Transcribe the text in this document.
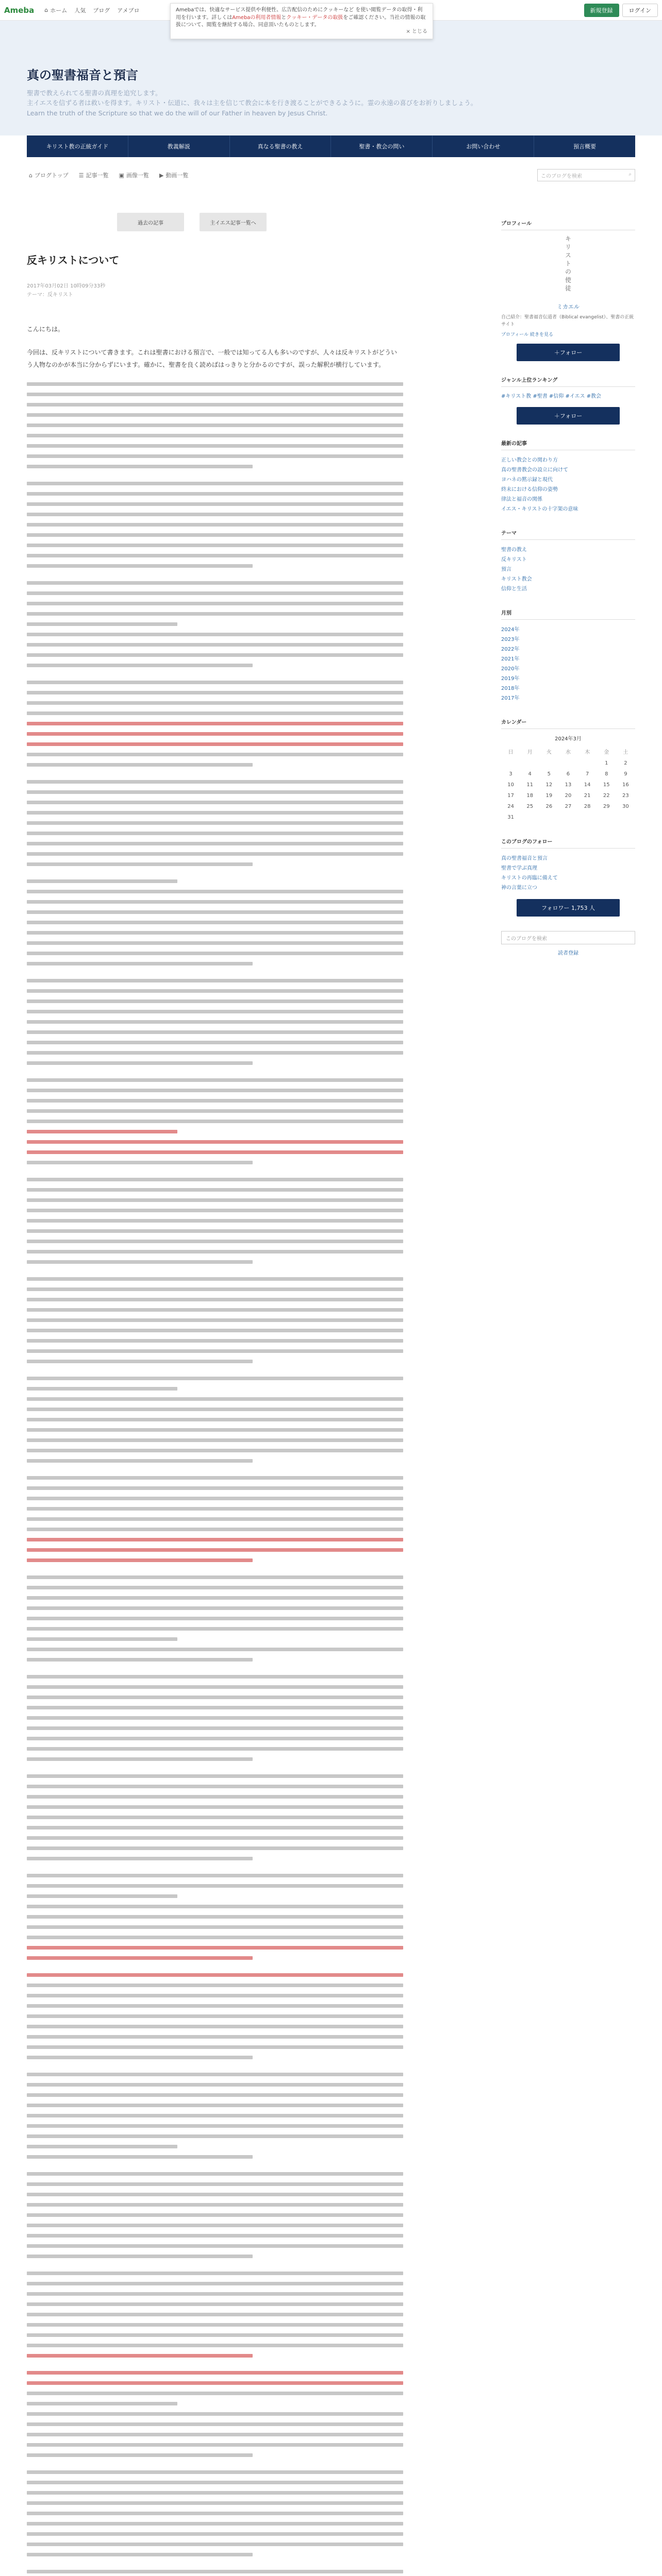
Ameba ⌂ ホーム 人気 ブログ アメブロ	Amebaでは、快適なサービス提供や利便性、広告配信のためにクッキーなど を使い閲覧データの取得・利用を行います。詳しくはAmebaの利用者情報とクッキー・データの取扱をご確認ください。当社の情報の取扱について、閲覧を継続する場合、同意頂いたものとします。
× とじる
新規登録	ログイン
真の聖書福音と預言
聖書で教えられてる聖書の真理を追究します。
主イエスを信ずる者は救いを得ます。キリスト・伝道に、我々は主を信じて教会に本を行き渡ることができるように。霊の永遠の喜びをお祈りしましょう。
Learn the truth of the Scripture so that we do the will of our Father in heaven by Jesus Christ.
キリスト教の正統ガイド	教義解説	真なる聖書の教え	聖書・教会の問い	お問い合わせ	預言概要
⌂ ブログトップ ☰ 記事一覧 ▣ 画像一覧 ▶ 動画一覧	このブログを検索	⌕
過去の記事	主イエス記事一覧へ
反キリストについて
2017年03月02日 10時09分33秒
テーマ：反キリスト

こんにちは。

今回は、反キリストについて書きます。これは聖書における預言で、一般では知ってる人も多いのですが、人々は反キリストがどういう人物なのかが本当に分からずにいます。確かに、聖書を良く読めばはっきりと分かるのですが、誤った解釈が横行しています。

プロフィール
キリストの使徒
ミカエル
自己紹介：聖書福音伝道者（Biblical evangelist）、聖書の正統サイト
プロフィール 続きを見る
＋フォロー
ジャンル上位ランキング
#キリスト教 #聖書 #信仰 #イエス #教会
＋フォロー
最新の記事
正しい教会との関わり方
真の聖書教会の設立に向けて
ヨハネの黙示録と現代
終末における信仰の姿勢
律法と福音の関係
イエス・キリストの十字架の意味
テーマ
聖書の教え
反キリスト
預言
キリスト教会
信仰と生活
月別
2024年
2023年
2022年
2021年
2020年
2019年
2018年
2017年
カレンダー
2024年3月
日	月	火	水	木	金	土
					1	2
3	4	5	6	7	8	9
10	11	12	13	14	15	16
17	18	19	20	21	22	23
24	25	26	27	28	29	30
31						
このブログのフォロー
真の聖書福音と預言
聖書で学ぶ真理
キリストの再臨に備えて
神の言葉に立つ
フォロワー 1,753 人
このブログを検索
読者登録
